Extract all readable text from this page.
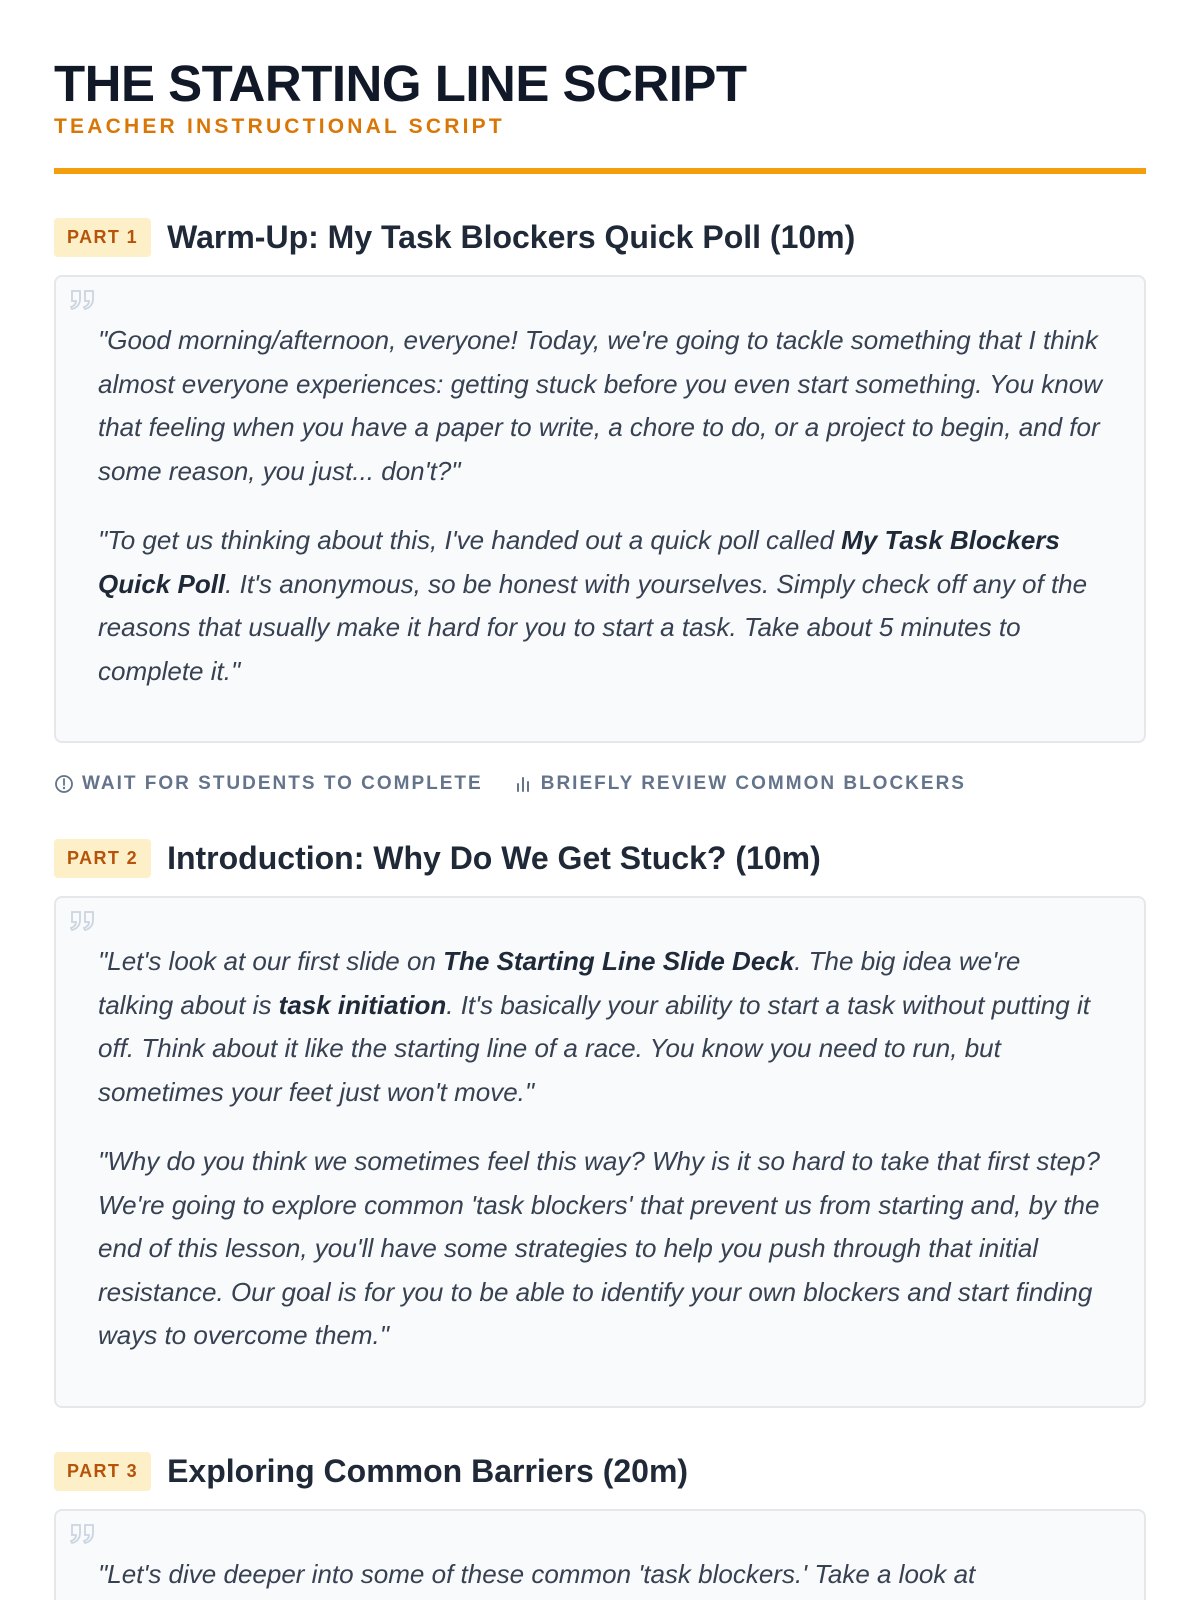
THE STARTING LINE SCRIPT

TEACHER INSTRUCTIONAL SCRIPT

PART 1 Warm-Up: My Task Blockers Quick Poll (10m)

"Good morning/afternoon, everyone! Today, we're going to tackle something that I think almost everyone experiences: getting stuck before you even start something. You know that feeling when you have a paper to write, a chore to do, or a project to begin, and for some reason, you just... don't?"

"To get us thinking about this, I've handed out a quick poll called My Task Blockers Quick Poll. It's anonymous, so be honest with yourselves. Simply check off any of the reasons that usually make it hard for you to start a task. Take about 5 minutes to complete it."

WAIT FOR STUDENTS TO COMPLETE	BRIEFLY REVIEW COMMON BLOCKERS
PART 2 Introduction: Why Do We Get Stuck? (10m)

"Let's look at our first slide on The Starting Line Slide Deck. The big idea we're talking about is task initiation. It's basically your ability to start a task without putting it off. Think about it like the starting line of a race. You know you need to run, but sometimes your feet just won't move."

"Why do you think we sometimes feel this way? Why is it so hard to take that first step? We're going to explore common 'task blockers' that prevent us from starting and, by the end of this lesson, you'll have some strategies to help you push through that initial resistance. Our goal is for you to be able to identify your own blockers and start finding ways to overcome them."

PART 3 Exploring Common Barriers (20m)

"Let's dive deeper into some of these common 'task blockers.' Take a look at
